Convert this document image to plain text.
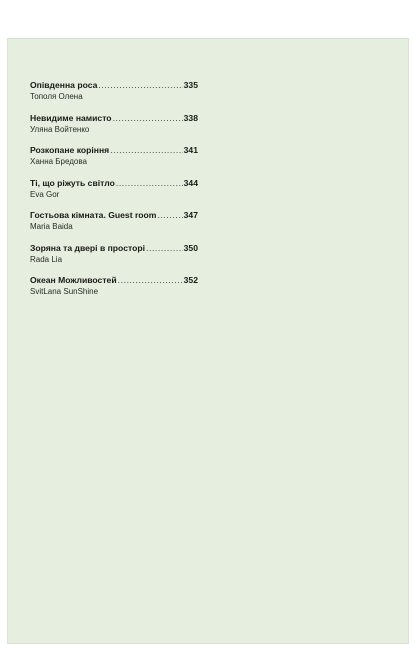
Опівденна роса .....	335
Тополя Олена
Невидиме намисто .....	338
Уляна Войтенко
Розкопане коріння .....	341
Ханна Бредова
Ті, що ріжуть світло .....	344
Eva Gor
Гостьова кімната. Guest room .....	347
Maria Baida
Зоряна та двері в просторі .....	350
Rada Lia
Океан Можливостей .....	352
SvitLana SunShine
